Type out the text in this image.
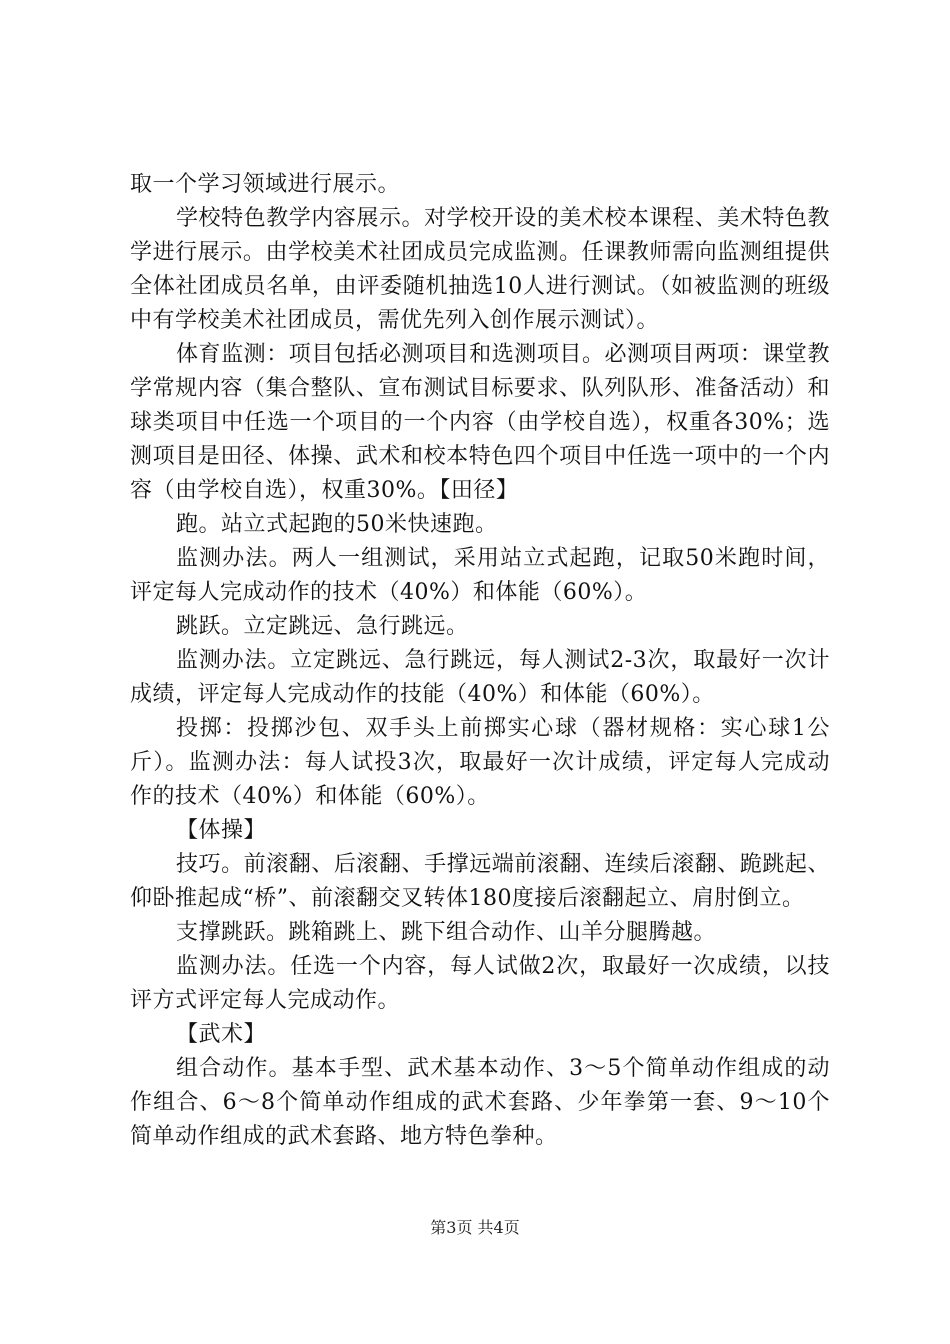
取一个学习领域进行展示。

学校特色教学内容展示。对学校开设的美术校本课程、美术特色教学进行展示。由学校美术社团成员完成监测。任课教师需向监测组提供全体社团成员名单，由评委随机抽选10人进行测试。（如被监测的班级中有学校美术社团成员，需优先列入创作展示测试）。

体育监测：项目包括必测项目和选测项目。必测项目两项：课堂教学常规内容（集合整队、宣布测试目标要求、队列队形、准备活动）和球类项目中任选一个项目的一个内容（由学校自选），权重各30%；选测项目是田径、体操、武术和校本特色四个项目中任选一项中的一个内容（由学校自选），权重30%。【田径】

跑。站立式起跑的50米快速跑。

监测办法。两人一组测试，采用站立式起跑，记取50米跑时间，评定每人完成动作的技术（40%）和体能（60%）。

跳跃。立定跳远、急行跳远。

监测办法。立定跳远、急行跳远，每人测试2-3次，取最好一次计成绩，评定每人完成动作的技能（40%）和体能（60%）。

投掷：投掷沙包、双手头上前掷实心球（器材规格：实心球1公斤）。监测办法：每人试投3次，取最好一次计成绩，评定每人完成动作的技术（40%）和体能（60%）。

【体操】

技巧。前滚翻、后滚翻、手撑远端前滚翻、连续后滚翻、跪跳起、仰卧推起成“桥”、前滚翻交叉转体180度接后滚翻起立、肩肘倒立。

支撑跳跃。跳箱跳上、跳下组合动作、山羊分腿腾越。

监测办法。任选一个内容，每人试做2次，取最好一次成绩，以技评方式评定每人完成动作。

【武术】

组合动作。基本手型、武术基本动作、3～5个简单动作组成的动作组合、6～8个简单动作组成的武术套路、少年拳第一套、9～10个简单动作组成的武术套路、地方特色拳种。

第3页 共4页
